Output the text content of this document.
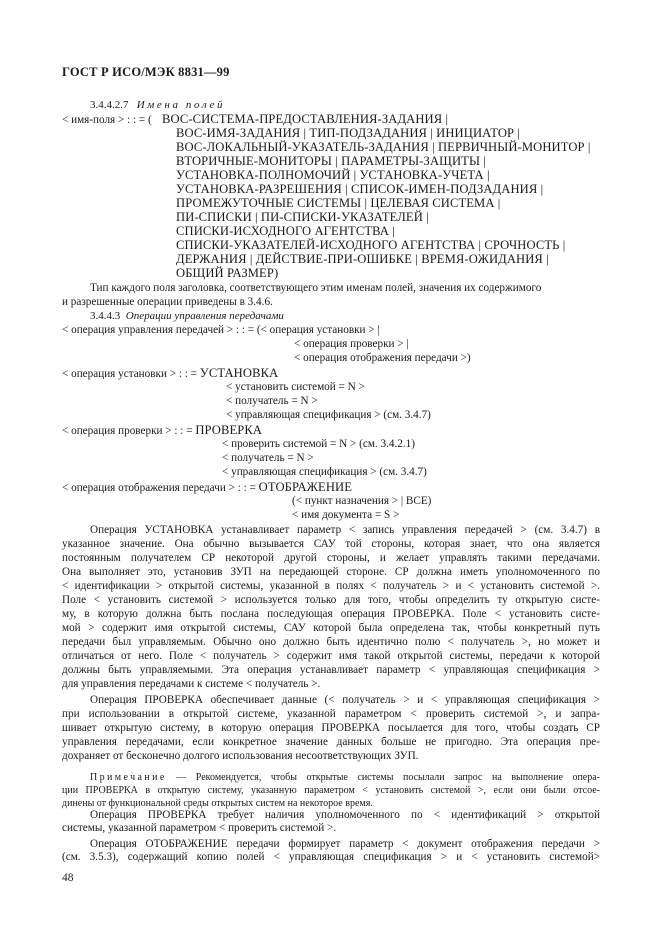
ГОСТ Р ИСО/МЭК 8831—99
3.4.4.2.7 Имена полей
< имя-поля > : : = ( ВОС-СИСТЕМА-ПРЕДОСТАВЛЕНИЯ-ЗАДАНИЯ |
ВОС-ИМЯ-ЗАДАНИЯ | ТИП-ПОДЗАДАНИЯ | ИНИЦИАТОР |
ВОС-ЛОКАЛЬНЫЙ-УКАЗАТЕЛЬ-ЗАДАНИЯ | ПЕРВИЧНЫЙ-МОНИТОР |
ВТОРИЧНЫЕ-МОНИТОРЫ | ПАРАМЕТРЫ-ЗАЩИТЫ |
УСТАНОВКА-ПОЛНОМОЧИЙ | УСТАНОВКА-УЧЕТА |
УСТАНОВКА-РАЗРЕШЕНИЯ | СПИСОК-ИМЕН-ПОДЗАДАНИЯ |
ПРОМЕЖУТОЧНЫЕ СИСТЕМЫ | ЦЕЛЕВАЯ СИСТЕМА |
ПИ-СПИСКИ | ПИ-СПИСКИ-УКАЗАТЕЛЕЙ |
СПИСКИ-ИСХОДНОГО АГЕНТСТВА |
СПИСКИ-УКАЗАТЕЛЕЙ-ИСХОДНОГО АГЕНТСТВА | СРОЧНОСТЬ |
ДЕРЖАНИЯ | ДЕЙСТВИЕ-ПРИ-ОШИБКЕ | ВРЕМЯ-ОЖИДАНИЯ |
ОБЩИЙ РАЗМЕР)
Тип каждого поля заголовка, соответствующего этим именам полей, значения их содержимого
и разрешенные операции приведены в 3.4.6.
3.4.4.3 Операции управления передачами
< операция управления передачей > : : = (< операция установки > |
< операция проверки > |
< операция отображения передачи >)
< операция установки > : : = УСТАНОВКА
< установить системой = N >
< получатель = N >
< управляющая спецификация > (см. 3.4.7)
< операция проверки > : : = ПРОВЕРКА
< проверить системой = N > (см. 3.4.2.1)
< получатель = N >
< управляющая спецификация > (см. 3.4.7)
< операция отображения передачи > : : = ОТОБРАЖЕНИЕ
(< пункт назначения > | ВСЕ)
< имя документа = S >
Операция УСТАНОВКА устанавливает параметр < запись управления передачей > (см. 3.4.7) в
указанное значение. Она обычно вызывается САУ той стороны, которая знает, что она является
постоянным получателем СР некоторой другой стороны, и желает управлять такими передачами.
Она выполняет это, установив ЗУП на передающей стороне. СР должна иметь уполномоченного по
< идентификации > открытой системы, указанной в полях < получатель > и < установить системой >.
Поле < установить системой > используется только для того, чтобы определить ту открытую систе-
му, в которую должна быть послана последующая операция ПРОВЕРКА. Поле < установить систе-
мой > содержит имя открытой системы, САУ которой была определена так, чтобы конкретный путь
передачи был управляемым. Обычно оно должно быть идентично полю < получатель >, но может и
отличаться от него. Поле < получатель > содержит имя такой открытой системы, передачи к которой
должны быть управляемыми. Эта операция устанавливает параметр < управляющая спецификация >
для управления передачами к системе < получатель >.
Операция ПРОВЕРКА обеспечивает данные (< получатель > и < управляющая спецификация >
при использовании в открытой системе, указанной параметром < проверить системой >, и запра-
шивает открытую систему, в которую операция ПРОВЕРКА посылается для того, чтобы создать СР
управления передачами, если конкретное значение данных больше не пригодно. Эта операция пре-
дохраняет от бесконечно долгого использования несоответствующих ЗУП.
Примечание — Рекомендуется, чтобы открытые системы посылали запрос на выполнение опера-
ции ПРОВЕРКА в открытую систему, указанную параметром < установить системой >, если они были отсое-
динены от функциональной среды открытых систем на некоторое время.
Операция ПРОВЕРКА требует наличия уполномоченного по < идентификаций > открытой
системы, указанной параметром < проверить системой >.
48
Операция ОТОБРАЖЕНИЕ передачи формирует параметр < документ отображения передачи >
(см. 3.5.3), содержащий копию полей < управляющая спецификация > и < установить системой>
